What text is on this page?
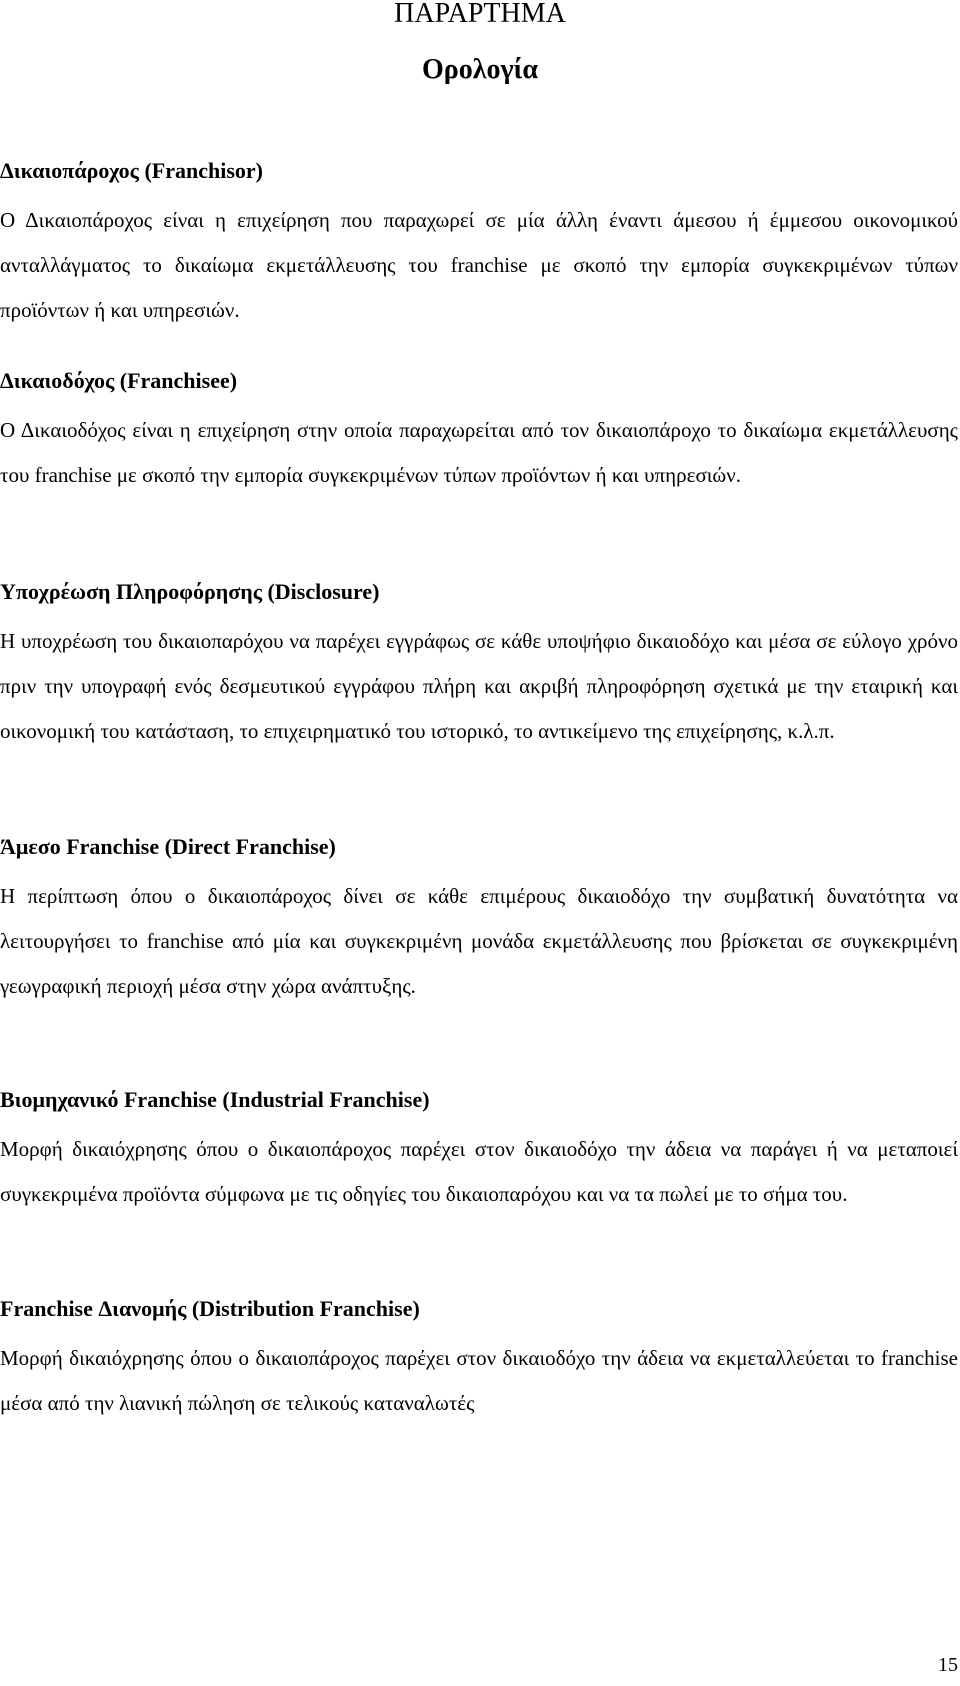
ΠΑΡΑΡΤΗΜΑ
Ορολογία
Δικαιοπάροχος (Franchisor)

Ο Δικαιοπάροχος είναι η επιχείρηση που παραχωρεί σε μία άλλη έναντι άμεσου ή έμμεσου οικονομικού ανταλλάγματος το δικαίωμα εκμετάλλευσης του franchise με σκοπό την εμπορία συγκεκριμένων τύπων προϊόντων ή και υπηρεσιών.

Δικαιοδόχος (Franchisee)

Ο Δικαιοδόχος είναι η επιχείρηση στην οποία παραχωρείται από τον δικαιοπάροχο το δικαίωμα εκμετάλλευσης του franchise με σκοπό την εμπορία συγκεκριμένων τύπων προϊόντων ή και υπηρεσιών.

Υποχρέωση Πληροφόρησης (Disclosure)

Η υποχρέωση του δικαιοπαρόχου να παρέχει εγγράφως σε κάθε υποψήφιο δικαιοδόχο και μέσα σε εύλογο χρόνο πριν την υπογραφή ενός δεσμευτικού εγγράφου πλήρη και ακριβή πληροφόρηση σχετικά με την εταιρική και οικονομική του κατάσταση, το επιχειρηματικό του ιστορικό, το αντικείμενο της επιχείρησης, κ.λ.π.

Άμεσο Franchise (Direct Franchise)

Η περίπτωση όπου ο δικαιοπάροχος δίνει σε κάθε επιμέρους δικαιοδόχο την συμβατική δυνατότητα να λειτουργήσει το franchise από μία και συγκεκριμένη μονάδα εκμετάλλευσης που βρίσκεται σε συγκεκριμένη γεωγραφική περιοχή μέσα στην χώρα ανάπτυξης.

Βιομηχανικό Franchise (Industrial Franchise)

Μορφή δικαιόχρησης όπου ο δικαιοπάροχος παρέχει στον δικαιοδόχο την άδεια να παράγει ή να μεταποιεί συγκεκριμένα προϊόντα σύμφωνα με τις οδηγίες του δικαιοπαρόχου και να τα πωλεί με το σήμα του.

Franchise Διανομής (Distribution Franchise)

Μορφή δικαιόχρησης όπου ο δικαιοπάροχος παρέχει στον δικαιοδόχο την άδεια να εκμεταλλεύεται το franchise μέσα από την λιανική πώληση σε τελικούς καταναλωτές

15
